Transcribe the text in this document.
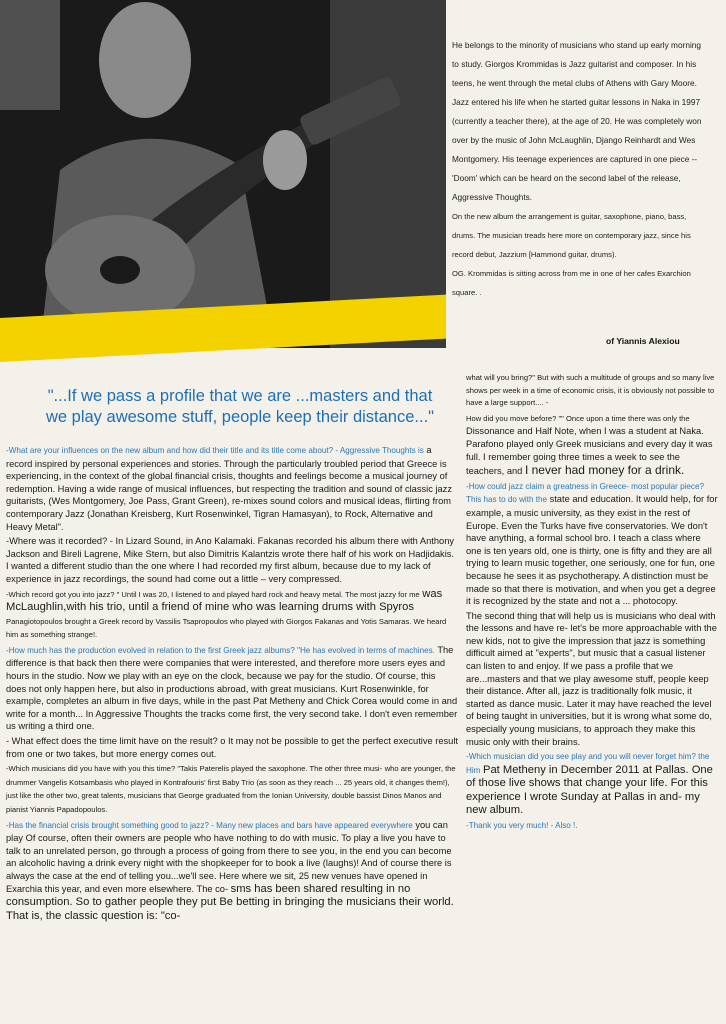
He belongs to the minority of musicians who stand up early morning to study. Giorgos Krommidas is Jazz guitarist and composer. In his teens, he went through the metal clubs of Athens with Gary Moore. Jazz entered his life when he started guitar lessons in Naka in 1997 (currently a teacher there), at the age of 20. He was completely won over by the music of John McLaughlin, Django Reinhardt and Wes Montgomery. His teenage experiences are captured in one piece -- 'Doom' which can be heard on the second label of the release, Aggressive Thoughts.

On the new album the arrangement is guitar, saxophone, piano, bass, drums. The musician treads here more on contemporary jazz, since his record debut, Jazzium [Hammond guitar, drums).

OG. Krommidas is sitting across from me in one of her cafes Exarchion square. .

of Yiannis Alexiou
"...If we pass a profile that we are ...masters and that we play awesome stuff, people keep their distance..."

-What are your influences on the new album and how did their title and its title come about? - Aggressive Thoughts is a record inspired by personal experiences and stories. Through the particularly troubled period that Greece is experiencing, in the context of the global financial crisis, thoughts and feelings become a musical journey of redemption. Having a wide range of musical influences, but respecting the tradition and sound of classic jazz guitarists, (Wes Montgomery, Joe Pass, Grant Green), re-mixes sound colors and musical ideas, flirting from contemporary Jazz (Jonathan Kreisberg, Kurt Rosenwinkel, Tigran Hamasyan), to Rock, Alternative and Heavy Metal".

-Where was it recorded? - In Lizard Sound, in Ano Kalamaki. Fakanas recorded his album there with Anthony Jackson and Bireli Lagrene, Mike Stern, but also Dimitris Kalantzis wrote there half of his work on Hadjidakis. I wanted a different studio than the one where I had recorded my first album, because due to my lack of experience in jazz recordings, the sound had come out a little – very compressed.

-Which record got you into jazz? " Until I was 20, I listened to and played hard rock and heavy metal. The most jazzy for me was McLaughlin,with his trio, until a friend of mine who was learning drums with Spyros Panagiotopoulos brought a Greek record by Vassilis Tsapropoulos who played with Giorgos Fakanas and Yotis Samaras. We heard him as something strange!.

-How much has the production evolved in relation to the first Greek jazz albums? "He has evolved in terms of machines. The difference is that back then there were companies that were interested, and therefore more users eyes and hours in the studio. Now we play with an eye on the clock, because we pay for the studio. Of course, this does not only happen here, but also in productions abroad, with great musicians. Kurt Rosenwinkle, for example, completes an album in five days, while in the past Pat Metheny and Chick Corea would come in and write for a month... In Aggressive Thoughts the tracks come first, the very second take. I don't even remember us writing a third one.

- What effect does the time limit have on the result? o It may not be possible to get the perfect executive result from one or two takes, but more energy comes out.

-Which musicians did you have with you this time? "Takis Paterelis played the saxophone. The other three musi- who are younger, the drummer Vangelis Kotsambasis who played in Kontrafouris' first Baby Trio (as soon as they reach ... 25 years old, it changes them!), just like the other two, great talents, musicians that George graduated from the Ionian University, double bassist Dinos Manos and pianist Yiannis Papadopoulos.

-Has the financial crisis brought something good to jazz? - Many new places and bars have appeared everywhere you can play Of course, often their owners are people who have nothing to do with music. To play a live you have to talk to an unrelated person, go through a process of going from there to see you, in the end you can become an alcoholic having a drink every night with the shopkeeper for to book a live (laughs)! And of course there is always the case at the end of telling you...we'll see. Here where we sit, 25 new venues have opened in Exarchia this year, and even more elsewhere. The co- sms has been shared resulting in no consumption. So to gather people they put Be betting in bringing the musicians their world. That is, the classic question is: "co-

what will you bring?" But with such a multitude of groups and so many live shows per week in a time of economic crisis, it is obviously not possible to have a large support.... -

How did you move before? "" Once upon a time there was only the Dissonance and Half Note, when I was a student at Naka. Parafono played only Greek musicians and every day it was full. I remember going three times a week to see the teachers, and I never had money for a drink.

-How could jazz claim a greatness in Greece- most popular piece? This has to do with the state and education. It would help, for for example, a music university, as they exist in the rest of Europe. Even the Turks have five conservatories. We don't have anything, a formal school bro. I teach a class where one is ten years old, one is thirty, one is fifty and they are all trying to learn music together, one seriously, one for fun, one because he sees it as psychotherapy. A distinction must be made so that there is motivation, and when you get a degree it is recognized by the state and not a ... photocopy.

The second thing that will help us is musicians who deal with the lessons and have re- let's be more approachable with the new kids, not to give the impression that jazz is something difficult aimed at "experts", but music that a casual listener can listen to and enjoy. If we pass a profile that we are...masters and that we play awesome stuff, people keep their distance. After all, jazz is traditionally folk music, it started as dance music. Later it may have reached the level of being taught in universities, but it is wrong what some do, especially young musicians, to approach they make this music only with their brains.

-Which musician did you see play and you will never forget him? the Him Pat Metheny in December 2011 at Pallas. One of those live shows that change your life. For this experience I wrote Sunday at Pallas in and- my new album.

-Thank you very much! - Also !.
